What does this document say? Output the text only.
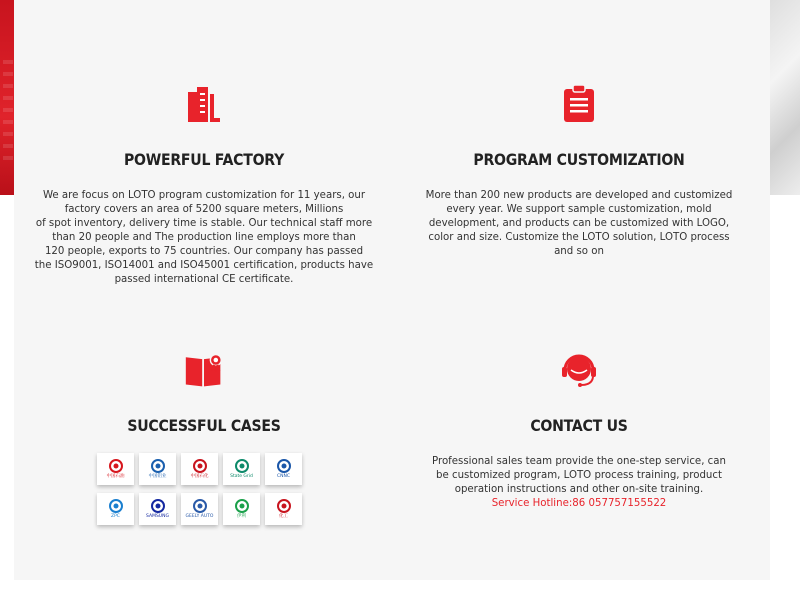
POWERFUL FACTORY
We are focus on LOTO program customization for 11 years, our
factory covers an area of 5200 square meters, Millions
of spot inventory, delivery time is stable. Our technical staff more
than 20 people and The production line employs more than
120 people, exports to 75 countries. Our company has passed
the ISO9001, ISO14001 and ISO45001 certification, products have
passed international CE certificate.
PROGRAM CUSTOMIZATION
More than 200 new products are developed and customized
every year. We support sample customization, mold
development, and products can be customized with LOGO,
color and size. Customize the LOTO solution, LOTO process
and so on
SUCCESSFUL CASES
中国石油	中国铝业	中国石化	State Grid	CNNC
ZPC	SAMSUNG	GEELY AUTO	伊利	化工
CONTACT US
Professional sales team provide the one-step service, can
be customized program, LOTO process training, product
operation instructions and other on-site training.
Service Hotline:86 057757155522
